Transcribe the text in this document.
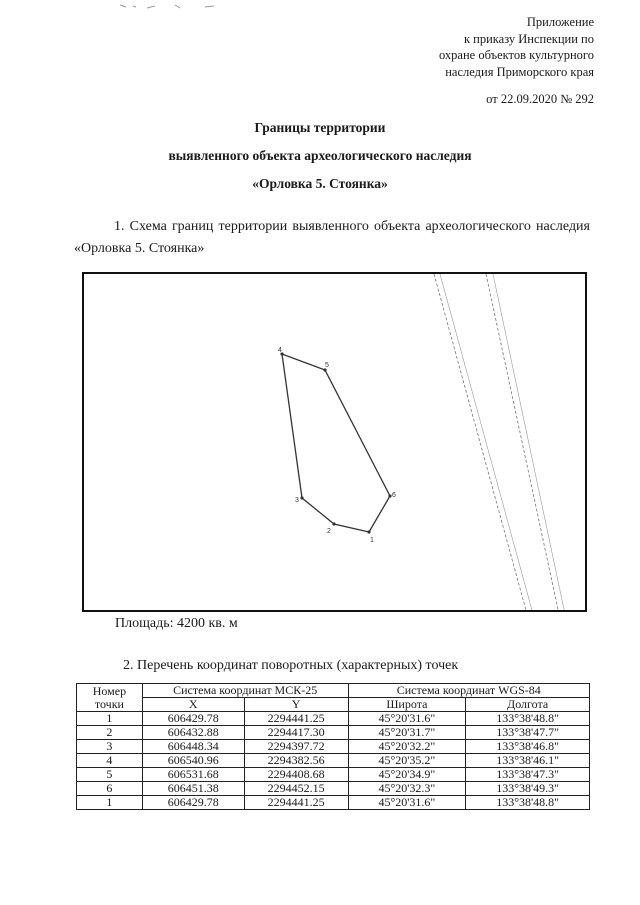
Приложение
к приказу Инспекции по
охране объектов культурного
наследия Приморского края
от 22.09.2020 № 292
Границы территории
выявленного объекта археологического наследия
«Орловка 5. Стоянка»

1. Схема границ территории выявленного объекта археологического наследия «Орловка 5. Стоянка»

1
2
3
4
5
6
Площадь: 4200 кв. м
2. Перечень координат поворотных (характерных) точек
Номер
точки	Система координат МСК-25		Система координат WGS-84	
	X	Y	Широта	Долгота
1	606429.78	2294441.25	45°20'31.6"	133°38'48.8"
2	606432.88	2294417.30	45°20'31.7"	133°38'47.7"
3	606448.34	2294397.72	45°20'32.2"	133°38'46.8"
4	606540.96	2294382.56	45°20'35.2"	133°38'46.1"
5	606531.68	2294408.68	45°20'34.9"	133°38'47.3"
6	606451.38	2294452.15	45°20'32.3"	133°38'49.3"
1	606429.78	2294441.25	45°20'31.6"	133°38'48.8"
